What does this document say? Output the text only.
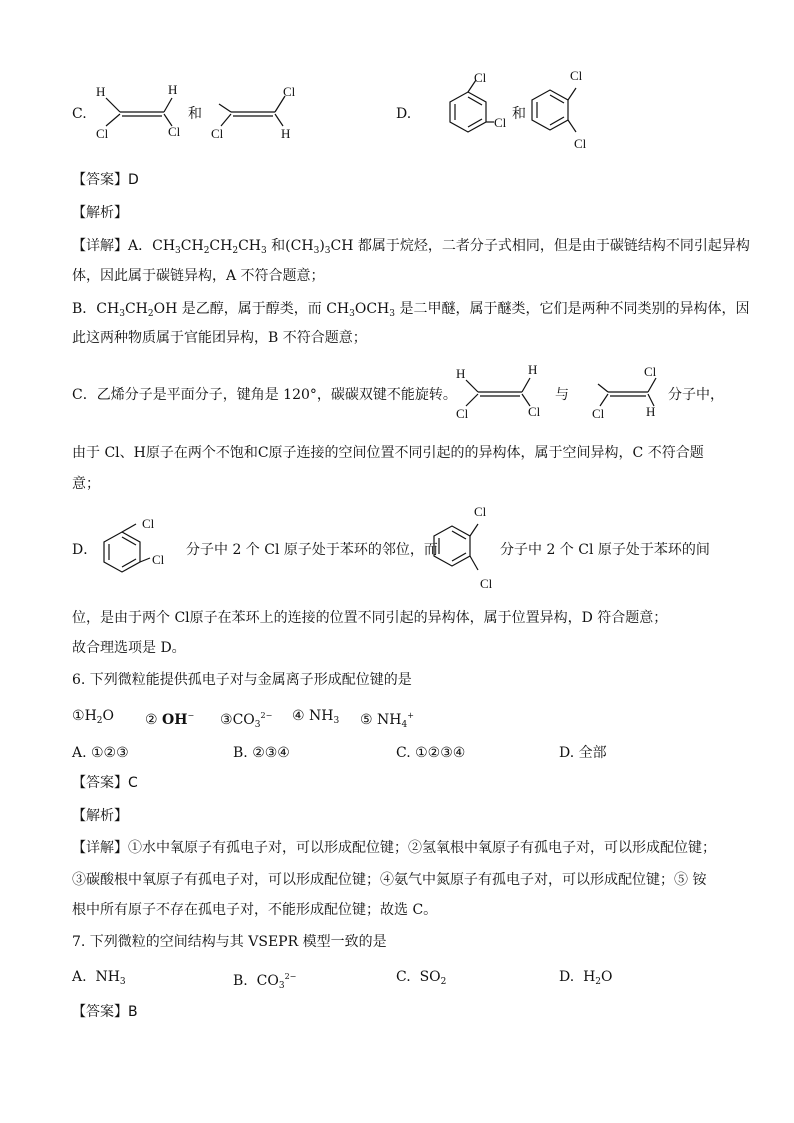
C.
H
Cl
H
Cl
和
Cl
Cl
H
D.
Cl
Cl
和
Cl
Cl
【答案】D
【解析】
【详解】A．$CH_3CH_2CH_2CH_3$ 和$(CH_3)_3CH$ 都属于烷烃，二者分子式相同，但是由于碳链结构不同引起异构
体，因此属于碳链异构，A 不符合题意；
B．$CH_3CH_2OH$ 是乙醇，属于醇类，而 $CH_3OCH_3$ 是二甲醚，属于醚类，它们是两种不同类别的异构体，因
此这两种物质属于官能团异构，B 不符合题意；
C．乙烯分子是平面分子，键角是 120°，碳碳双键不能旋转。
H
Cl
H
Cl
与
Cl
Cl
H
分子中，
由于 Cl、H原子在两个不饱和C原子连接的空间位置不同引起的的异构体，属于空间异构，C 不符合题
意；
D．
Cl
Cl
分子中 2 个 Cl 原子处于苯环的邻位，而
Cl
Cl
分子中 2 个 Cl 原子处于苯环的间
位，是由于两个 Cl原子在苯环上的连接的位置不同引起的异构体，属于位置异构，D 符合题意；
故合理选项是 D。
6. 下列微粒能提供孤电子对与金属离子形成配位键的是
$①H_2O$ ② OH− $③CO_3^{2-}$ ④ $NH_3$ ⑤ $NH_4^+$
A. ①②③	B. ②③④	C. ①②③④	D. 全部
【答案】C
【解析】
【详解】①水中氧原子有孤电子对，可以形成配位键；②氢氧根中氧原子有孤电子对，可以形成配位键；
③碳酸根中氧原子有孤电子对，可以形成配位键；④氨气中氮原子有孤电子对，可以形成配位键；⑤ 铵
根中所有原子不存在孤电子对，不能形成配位键；故选 C。
7. 下列微粒的空间结构与其 VSEPR 模型一致的是
A.  $NH_3$	B.  $CO_3^{2-}$	C.  $SO_2$	D.  $H_2O$
【答案】B
